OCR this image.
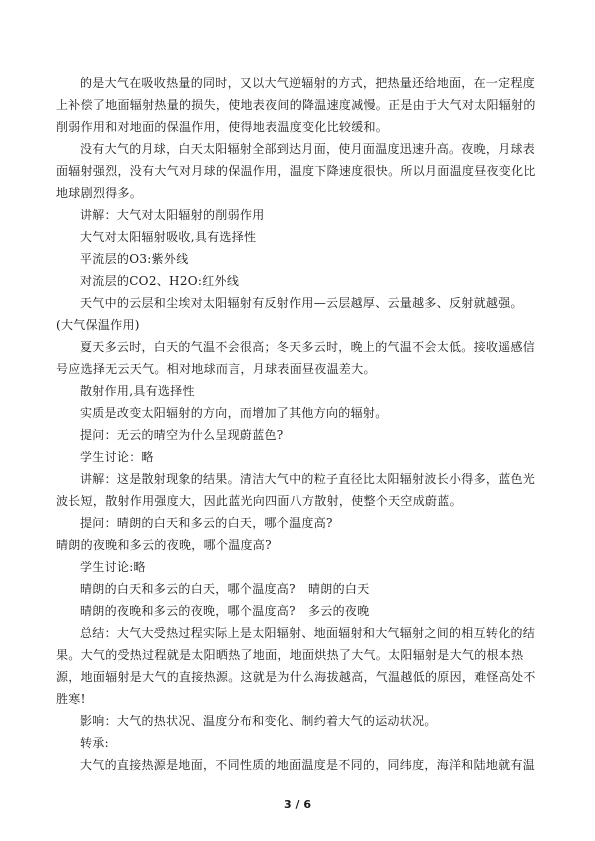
的是大气在吸收热量的同时，又以大气逆辐射的方式，把热量还给地面，在一定程度上补偿了地面辐射热量的损失，使地表夜间的降温速度减慢。正是由于大气对太阳辐射的削弱作用和对地面的保温作用，使得地表温度变化比较缓和。

没有大气的月球，白天太阳辐射全部到达月面，使月面温度迅速升高。夜晚，月球表面辐射强烈，没有大气对月球的保温作用，温度下降速度很快。所以月面温度昼夜变化比地球剧烈得多。

讲解：大气对太阳辐射的削弱作用

大气对太阳辐射吸收,具有选择性

平流层的O3:紫外线

对流层的CO2、H2O:红外线

天气中的云层和尘埃对太阳辐射有反射作用—云层越厚、云量越多、反射就越强。(大气保温作用)

夏天多云时，白天的气温不会很高；冬天多云时，晚上的气温不会太低。接收遥感信号应选择无云天气。相对地球而言，月球表面昼夜温差大。

散射作用,具有选择性

实质是改变太阳辐射的方向，而增加了其他方向的辐射。

提问：无云的晴空为什么呈现蔚蓝色?

学生讨论：略

讲解：这是散射现象的结果。清洁大气中的粒子直径比太阳辐射波长小得多，蓝色光波长短，散射作用强度大，因此蓝光向四面八方散射，使整个天空成蔚蓝。

提问：晴朗的白天和多云的白天，哪个温度高?

晴朗的夜晚和多云的夜晚，哪个温度高?

学生讨论:略

晴朗的白天和多云的白天，哪个温度高?	晴朗的白天
晴朗的夜晚和多云的夜晚，哪个温度高?	多云的夜晚

总结：大气大受热过程实际上是太阳辐射、地面辐射和大气辐射之间的相互转化的结果。大气的受热过程就是太阳晒热了地面，地面烘热了大气。太阳辐射是大气的根本热源，地面辐射是大气的直接热源。这就是为什么海拔越高，气温越低的原因，难怪高处不胜寒!

影响：大气的热状况、温度分布和变化、制约着大气的运动状况。

转承:

大气的直接热源是地面，不同性质的地面温度是不同的，同纬度，海洋和陆地就有温

3 / 6
